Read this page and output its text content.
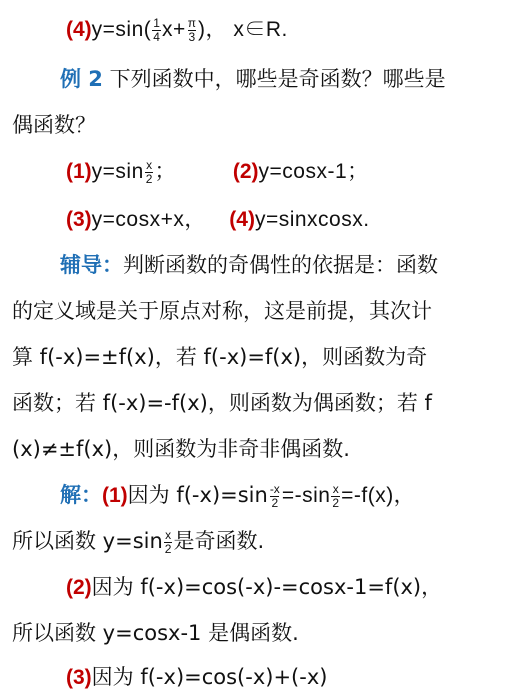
$(4)y=\sin( \frac{1}{4} x+ \frac{\pi}{3}$ )， x∈R.
例 2 下列函数中，哪些是奇函数？哪些是
偶函数？
$(1)y=\sin \frac{x}{2}$ ；	(2)y=cosx-1；
(3)y=cosx+x， (4)y=sinxcosx.
辅导：判断函数的奇偶性的依据是：函数
的定义域是关于原点对称，这是前提，其次计
算 f(-x)=±f(x)，若 f(-x)=f(x)，则函数为奇
函数；若 f(-x)=-f(x)，则函数为偶函数；若 f
(x)≠±f(x)，则函数为非奇非偶函数.
解：(1)因为 $f(-x)=\sin \frac{-x}{2} =-\sin \frac{x}{2} =-f(x)$，
所以函数 $y=\sin \frac{x}{2}$ 是奇函数.
(2)因为 f(-x)=cos(-x)-=cosx-1=f(x)，
所以函数 y=cosx-1 是偶函数.
(3)因为 f(-x)=cos(-x)+(-x)
